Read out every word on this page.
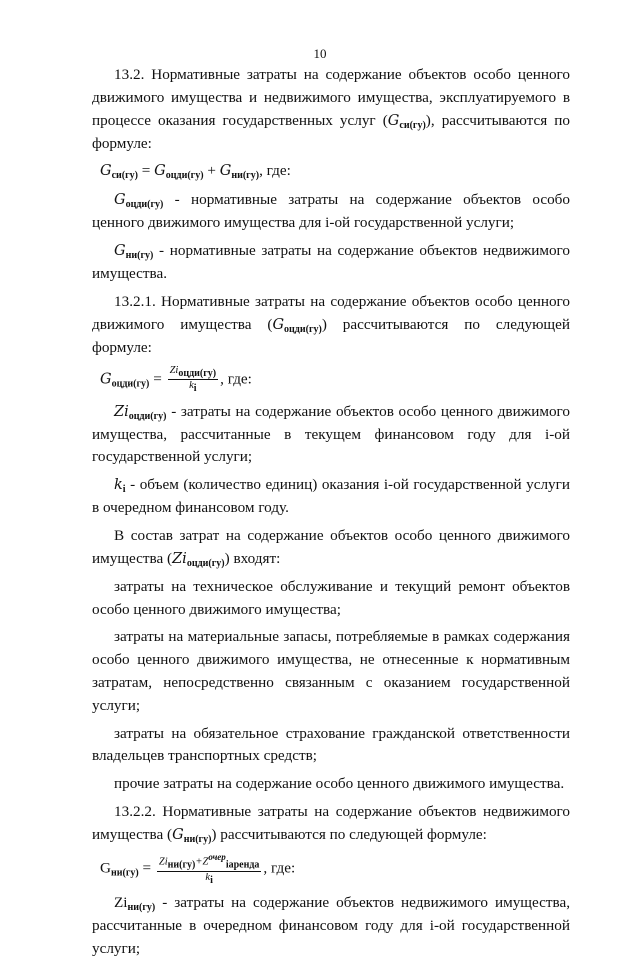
10

13.2. Нормативные затраты на содержание объектов особо ценного движимого имущества и недвижимого имущества, эксплуатируемого в процессе оказания государственных услуг $(G_{си(гу)})$, рассчитываются по формуле:

$G_{си(гу)} = G_{оцди(гу)} + G_{ни(гу)}$, где:

$G_{оцди(гу)}$ - нормативные затраты на содержание объектов особо ценного движимого имущества для i-ой государственной услуги;

$G_{ни(гу)}$ - нормативные затраты на содержание объектов недвижимого имущества.

13.2.1. Нормативные затраты на содержание объектов особо ценного движимого имущества $(G_{оцди(гу)})$ рассчитываются по следующей формуле:

$G_{оцди(гу)} = \frac{Zi_{оцди(гу)}}{k_i}$ , где:

$Zi_{оцди(гу)}$ - затраты на содержание объектов особо ценного движимого имущества, рассчитанные в текущем финансовом году для i-ой государственной услуги;

$k_i$ - объем (количество единиц) оказания i-ой государственной услуги в очередном финансовом году.

В состав затрат на содержание объектов особо ценного движимого имущества $(Zi_{оцди(гу)})$ входят:

затраты на техническое обслуживание и текущий ремонт объектов особо ценного движимого имущества;

затраты на материальные запасы, потребляемые в рамках содержания особо ценного движимого имущества, не отнесенные к нормативным затратам, непосредственно связанным с оказанием государственной услуги;

затраты на обязательное страхование гражданской ответственности владельцев транспортных средств;

прочие затраты на содержание особо ценного движимого имущества.

13.2.2. Нормативные затраты на содержание объектов недвижимого имущества $(G_{ни(гу)})$ рассчитываются по следующей формуле:

$G_{ни(гу)} = \frac{Zi_{ни(гу)}+Z^{очер}_{iаренда}}{k_i}$ , где:

$Zi_{ни(гу)}$ - затраты на содержание объектов недвижимого имущества, рассчитанные в очередном финансовом году для i-ой государственной услуги;
